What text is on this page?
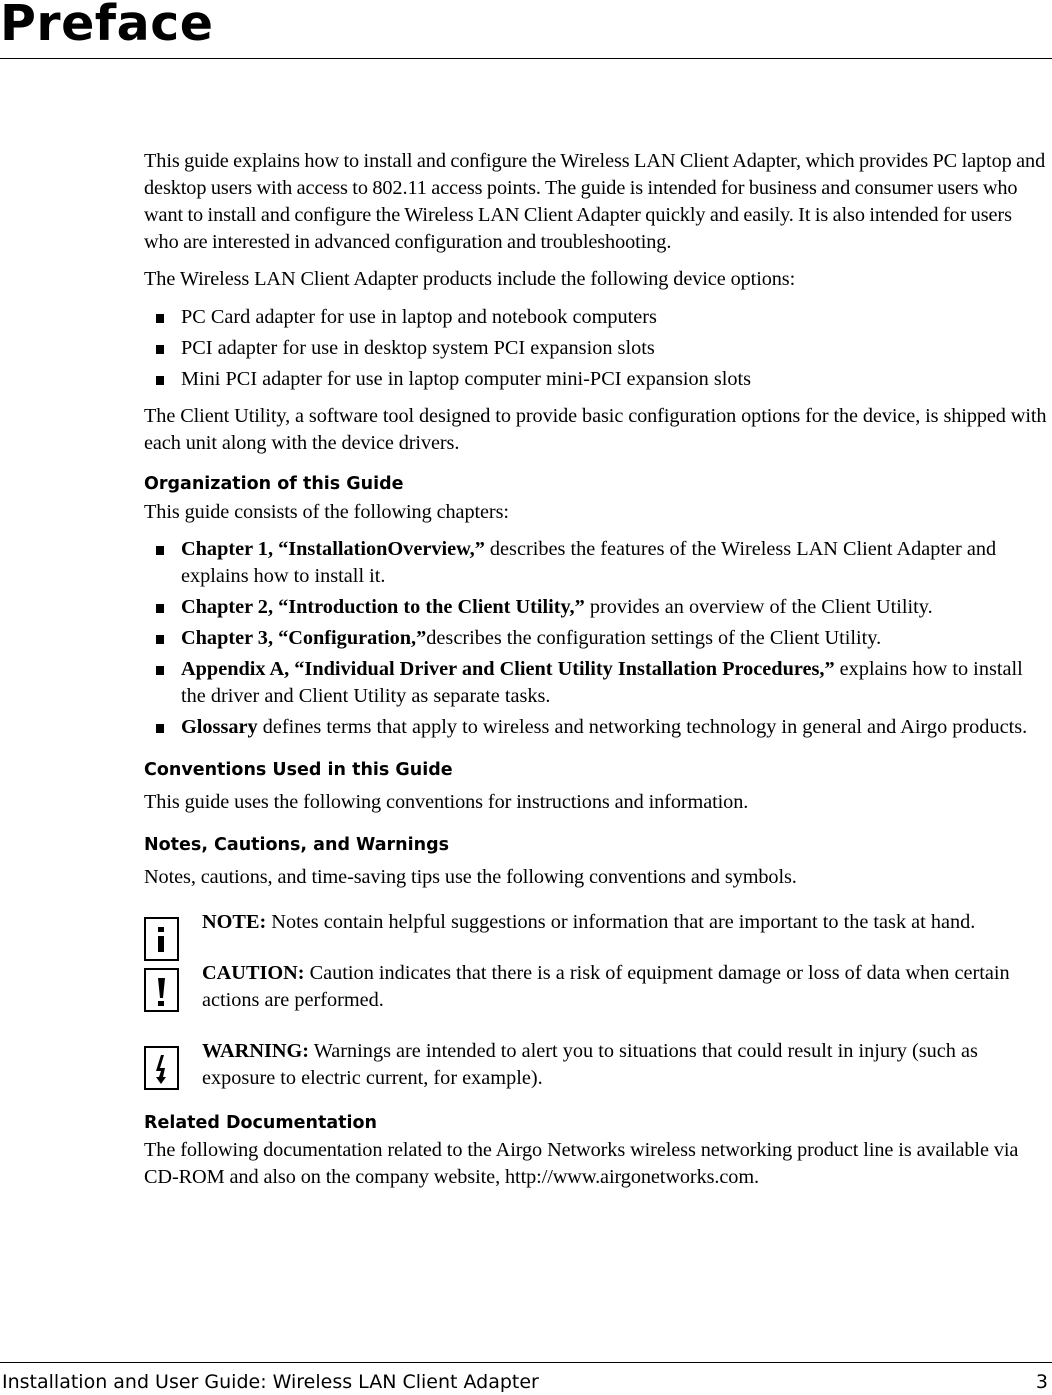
Preface

This guide explains how to install and configure the Wireless LAN Client Adapter, which provides PC laptop and desktop users with access to 802.11 access points. The guide is intended for business and consumer users who want to install and configure the Wireless LAN Client Adapter quickly and easily. It is also intended for users who are interested in advanced configuration and troubleshooting.

The Wireless LAN Client Adapter products include the following device options:

PC Card adapter for use in laptop and notebook computers
PCI adapter for use in desktop system PCI expansion slots
Mini PCI adapter for use in laptop computer mini-PCI expansion slots

The Client Utility, a software tool designed to provide basic configuration options for the device, is shipped with each unit along with the device drivers.

Organization of this Guide

This guide consists of the following chapters:

Chapter 1, “InstallationOverview,” describes the features of the Wireless LAN Client Adapter and explains how to install it.
Chapter 2, “Introduction to the Client Utility,” provides an overview of the Client Utility.
Chapter 3, “Configuration,”describes the configuration settings of the Client Utility.
Appendix A, “Individual Driver and Client Utility Installation Procedures,” explains how to install the driver and Client Utility as separate tasks.
Glossary defines terms that apply to wireless and networking technology in general and Airgo products.
Conventions Used in this Guide

This guide uses the following conventions for instructions and information.

Notes, Cautions, and Warnings

Notes, cautions, and time-saving tips use the following conventions and symbols.

NOTE: Notes contain helpful suggestions or information that are important to the task at hand.
CAUTION: Caution indicates that there is a risk of equipment damage or loss of data when certain actions are performed.
WARNING: Warnings are intended to alert you to situations that could result in injury (such as exposure to electric current, for example).
Related Documentation

The following documentation related to the Airgo Networks wireless networking product line is available via CD-ROM and also on the company website, http://www.airgonetworks.com.

Installation and User Guide: Wireless LAN Client Adapter	3
